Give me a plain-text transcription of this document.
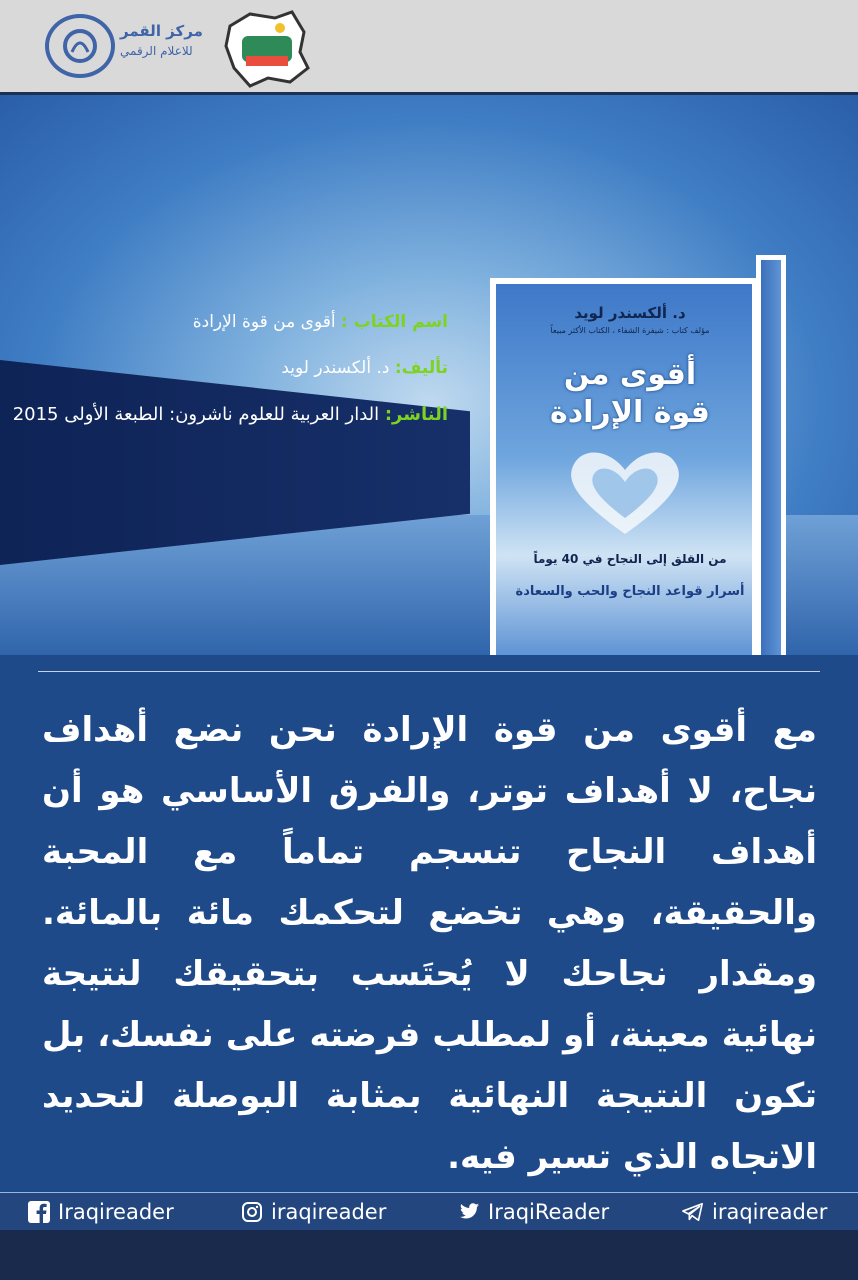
مركز القمر
للاعلام الرقمي
اسم الكتاب : أقوى من قوة الإرادة
تأليف: د. ألكسندر لويد
الناشر: الدار العربية للعلوم ناشرون: الطبعة الأولى 2015
د. ألكسندر لويد
مؤلف كتاب : شيفرة الشفاء ، الكتاب الأكثر مبيعاً
أقوى من
قوة الإرادة
من القلق إلى النجاح في 40 يوماً
أسرار قواعد النجاح والحب والسعادة
مع أقوى من قوة الإرادة نحن نضع أهداف نجاح، لا أهداف توتر، والفرق الأساسي هو أن أهداف النجاح تنسجم تماماً مع المحبة والحقيقة، وهي تخضع لتحكمك مائة بالمائة. ومقدار نجاحك لا يُحتَسب بتحقيقك لنتيجة نهائية معينة، أو لمطلب فرضته على نفسك، بل تكون النتيجة النهائية بمثابة البوصلة لتحديد الاتجاه الذي تسير فيه.
Iraqireader	iraqireader	IraqiReader	iraqireader
